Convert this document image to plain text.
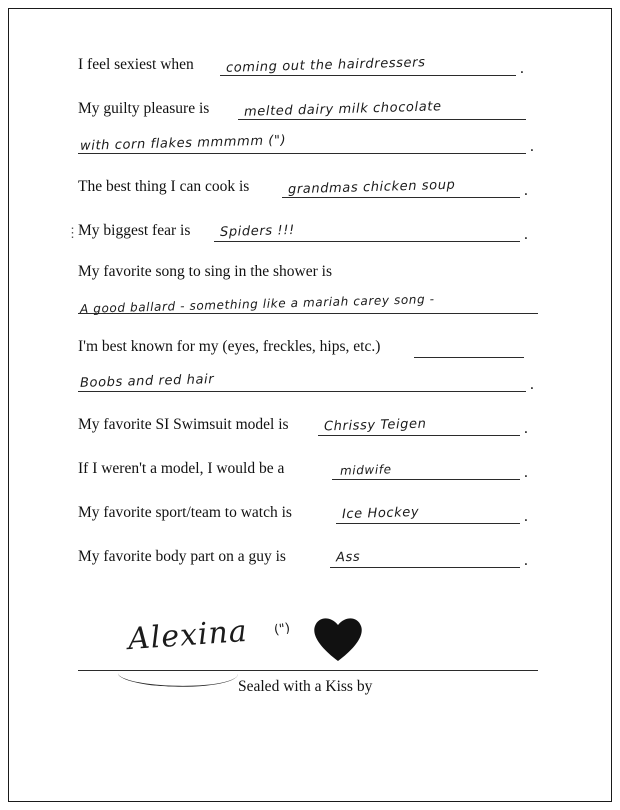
I feel sexiest when coming out the hairdressers	.
My guilty pleasure is	melted dairy milk chocolate
with corn flakes mmmmm (")	.
The best thing I can cook is	grandmas chicken soup	.
⋮ My biggest fear is Spiders !!!	.
My favorite song to sing in the shower is
A good ballard - something like a mariah carey song -
I'm best known for my (eyes, freckles, hips, etc.)
Boobs and red hair	.
My favorite SI Swimsuit model is	Chrissy Teigen	.
If I weren't a model, I would be a	midwife	.
My favorite sport/team to watch is	Ice Hockey	.
My favorite body part on a guy is	Ass	.
Alexina (")
Sealed with a Kiss by
